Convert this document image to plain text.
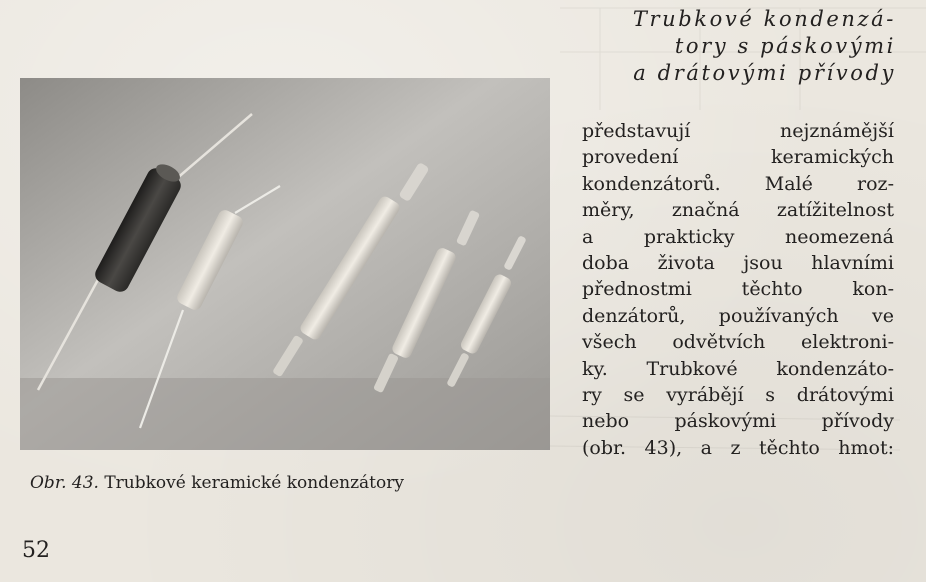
Obr. 43. Trubkové keramické kondenzátory
Trubkové kondenzá-
tory s páskovými
a drátovými přívody
představují nejznámější
provedení keramických
kondenzátorů. Malé roz-
měry, značná zatížitelnost
a prakticky neomezená
doba života jsou hlavními
přednostmi těchto kon-
denzátorů, používaných ve
všech odvětvích elektroni-
ky. Trubkové kondenzáto-
ry se vyrábějí s drátovými
nebo páskovými přívody
(obr. 43), a z těchto hmot:
52
